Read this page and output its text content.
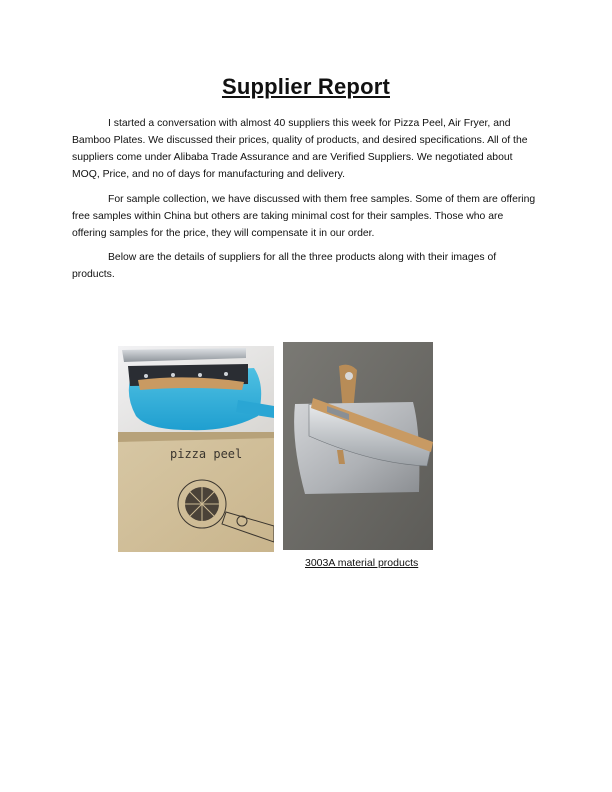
Supplier Report
I started a conversation with almost 40 suppliers this week for Pizza Peel, Air Fryer, and Bamboo Plates. We discussed their prices, quality of products, and desired specifications. All of the suppliers come under Alibaba Trade Assurance and are Verified Suppliers. We negotiated about MOQ, Price, and no of days for manufacturing and delivery.
For sample collection, we have discussed with them free samples. Some of them are offering free samples within China but others are taking minimal cost for their samples. Those who are offering samples for the price, they will compensate it in our order.
Below are the details of suppliers for all the three products along with their images of products.
pizza peel
3003A material products
